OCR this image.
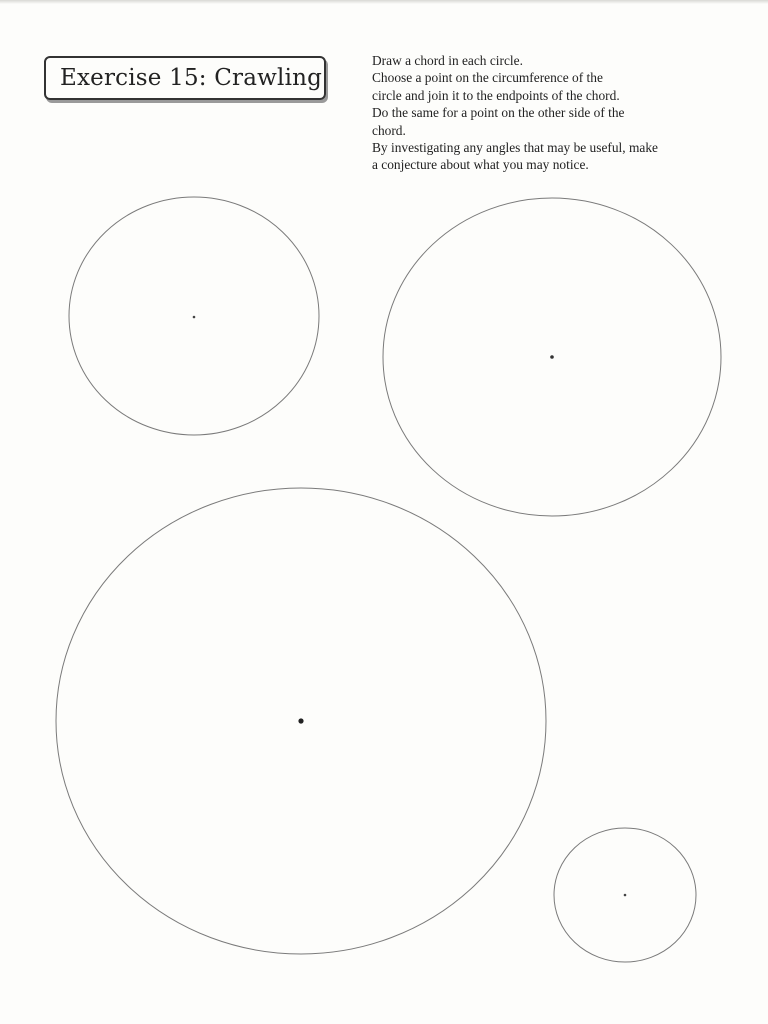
Exercise 15: Crawling
Draw a chord in each circle.
Choose a point on the circumference of the
circle and join it to the endpoints of the chord.
Do the same for a point on the other side of the
chord.
By investigating any angles that may be useful, make
a conjecture about what you may notice.
